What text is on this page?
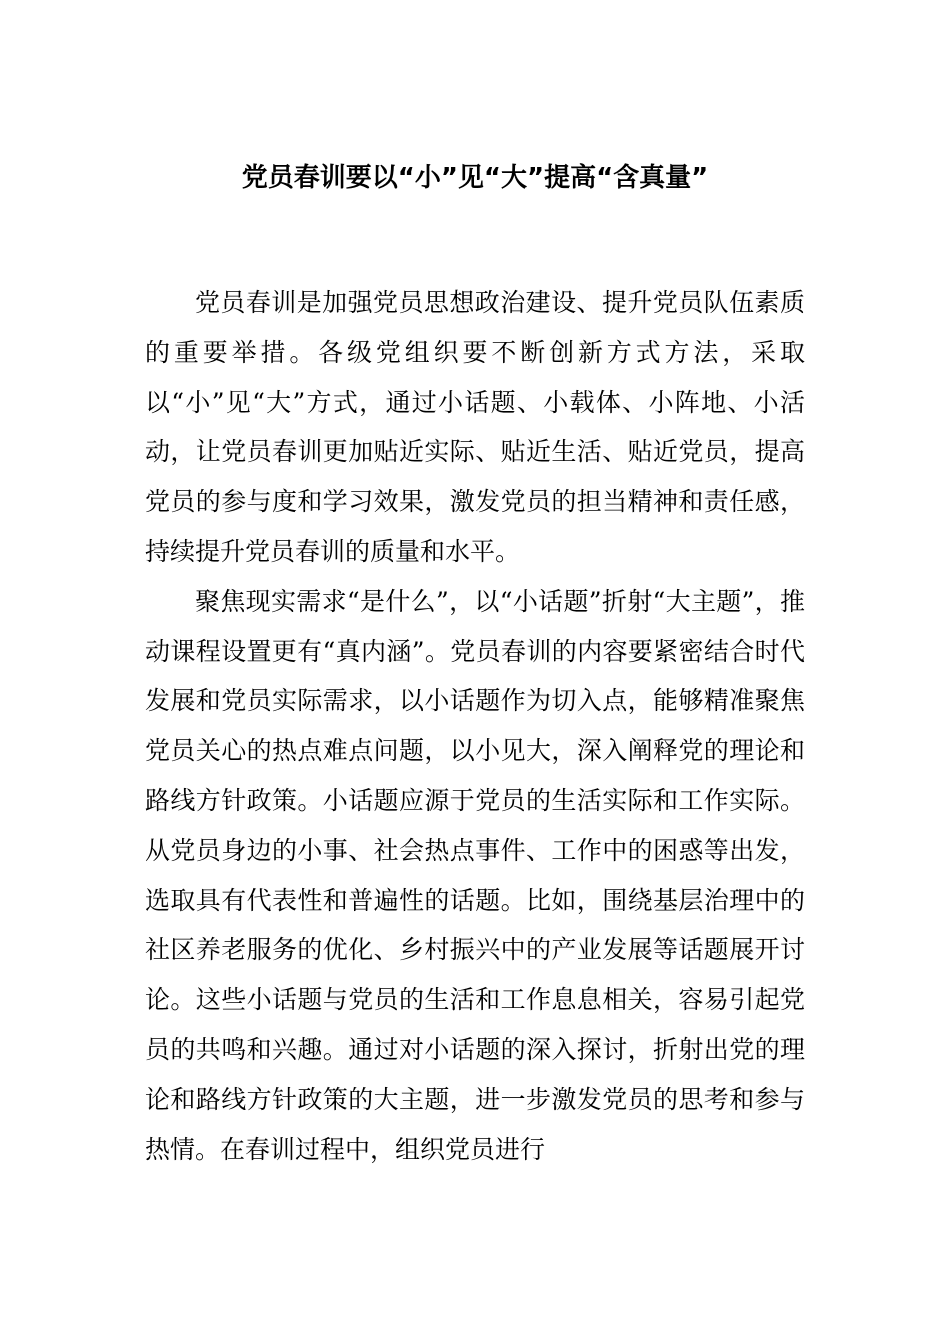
党员春训要以“小”见“大”提高“含真量”

党员春训是加强党员思想政治建设、提升党员队伍素质的重要举措。各级党组织要不断创新方式方法，采取以“小”见“大”方式，通过小话题、小载体、小阵地、小活动，让党员春训更加贴近实际、贴近生活、贴近党员，提高党员的参与度和学习效果，激发党员的担当精神和责任感，持续提升党员春训的质量和水平。

聚焦现实需求“是什么”，以“小话题”折射“大主题”，推动课程设置更有“真内涵”。党员春训的内容要紧密结合时代发展和党员实际需求，以小话题作为切入点，能够精准聚焦党员关心的热点难点问题，以小见大，深入阐释党的理论和路线方针政策。小话题应源于党员的生活实际和工作实际。从党员身边的小事、社会热点事件、工作中的困惑等出发，选取具有代表性和普遍性的话题。比如，围绕基层治理中的社区养老服务的优化、乡村振兴中的产业发展等话题展开讨论。这些小话题与党员的生活和工作息息相关，容易引起党员的共鸣和兴趣。通过对小话题的深入探讨，折射出党的理论和路线方针政策的大主题，进一步激发党员的思考和参与热情。在春训过程中，组织党员进行
